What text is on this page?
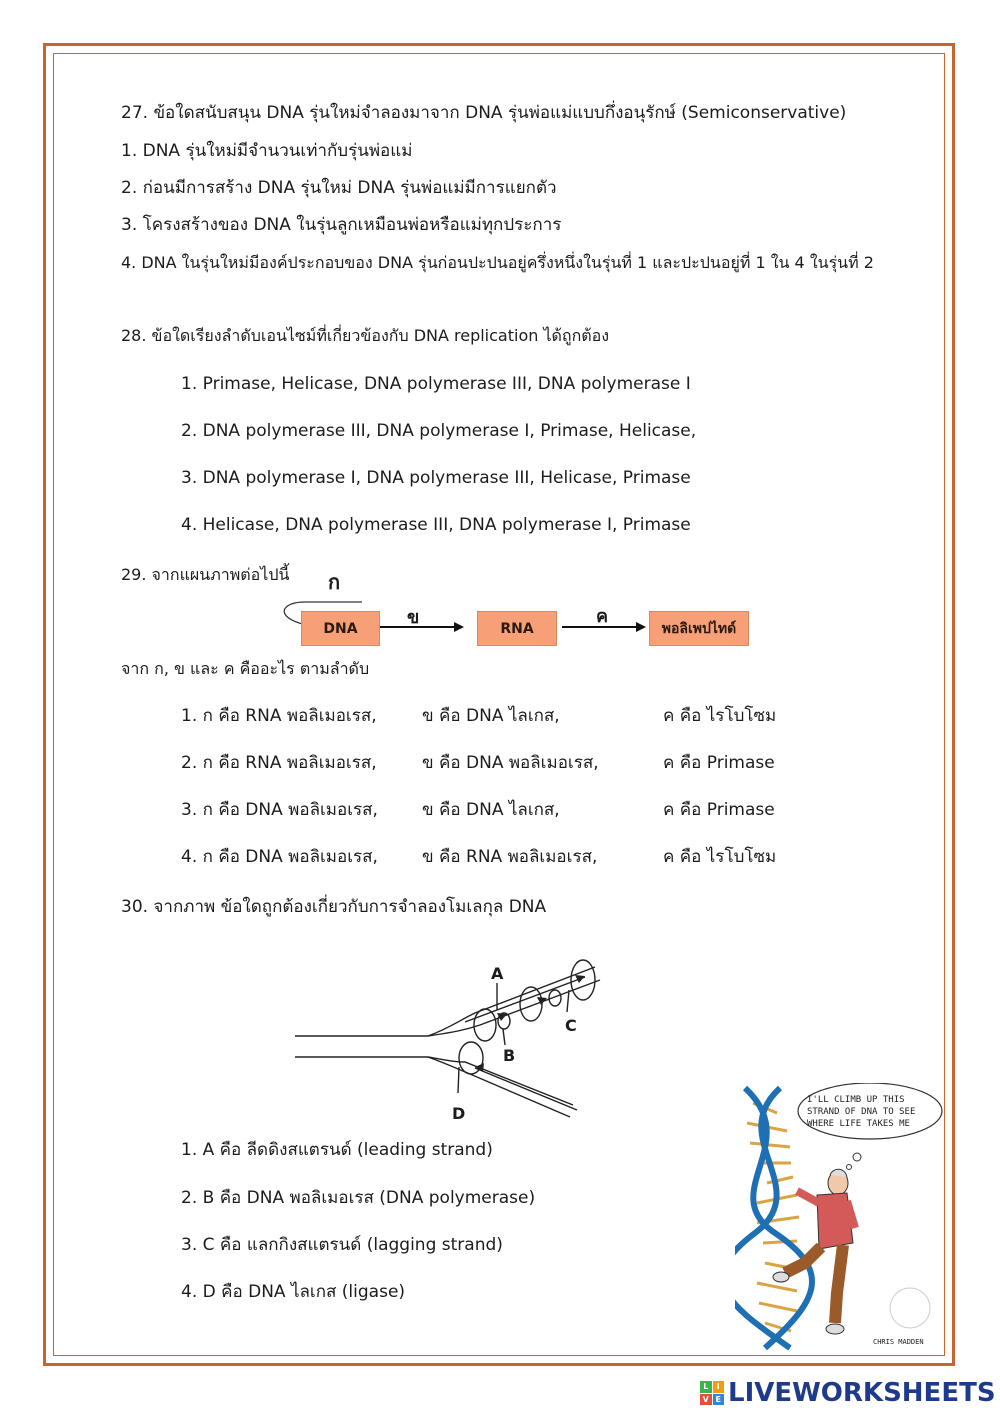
27. ข้อใดสนับสนุน DNA รุ่นใหม่จำลองมาจาก DNA รุ่นพ่อแม่แบบกึ่งอนุรักษ์ (Semiconservative)
1. DNA รุ่นใหม่มีจำนวนเท่ากับรุ่นพ่อแม่
2. ก่อนมีการสร้าง DNA รุ่นใหม่ DNA รุ่นพ่อแม่มีการแยกตัว
3. โครงสร้างของ DNA ในรุ่นลูกเหมือนพ่อหรือแม่ทุกประการ
4. DNA ในรุ่นใหม่มีองค์ประกอบของ DNA รุ่นก่อนปะปนอยู่ครึ่งหนึ่งในรุ่นที่ 1 และปะปนอยู่ที่ 1 ใน 4 ในรุ่นที่ 2
28. ข้อใดเรียงลำดับเอนไซม์ที่เกี่ยวข้องกับ DNA replication ได้ถูกต้อง
1. Primase, Helicase, DNA polymerase III, DNA polymerase I
2. DNA polymerase III, DNA polymerase I, Primase, Helicase,
3. DNA polymerase I, DNA polymerase III, Helicase, Primase
4. Helicase, DNA polymerase III, DNA polymerase I, Primase
29. จากแผนภาพต่อไปนี้ ก
ข	ค
DNA	RNA	พอลิเพปไทด์
จาก ก, ข และ ค คืออะไร ตามลำดับ
1. ก คือ RNA พอลิเมอเรส,	ข คือ DNA ไลเกส,	ค คือ ไรโบโซม
2. ก คือ RNA พอลิเมอเรส,	ข คือ DNA พอลิเมอเรส,	ค คือ Primase
3. ก คือ DNA พอลิเมอเรส,	ข คือ DNA ไลเกส,	ค คือ Primase
4. ก คือ DNA พอลิเมอเรส,	ข คือ RNA พอลิเมอเรส,	ค คือ ไรโบโซม
30. จากภาพ ข้อใดถูกต้องเกี่ยวกับการจำลองโมเลกุล DNA
A
B
C
D
1. A คือ ลีดดิงสแตรนด์ (leading strand)
2. B คือ DNA พอลิเมอเรส (DNA polymerase)
3. C คือ แลกกิงสแตรนด์ (lagging strand)
4. D คือ DNA ไลเกส (ligase)
I'LL CLIMB UP THIS
STRAND OF DNA TO SEE
WHERE LIFE TAKES ME
CHRIS MADDEN
L	I
V E LIVEWORKSHEETS
